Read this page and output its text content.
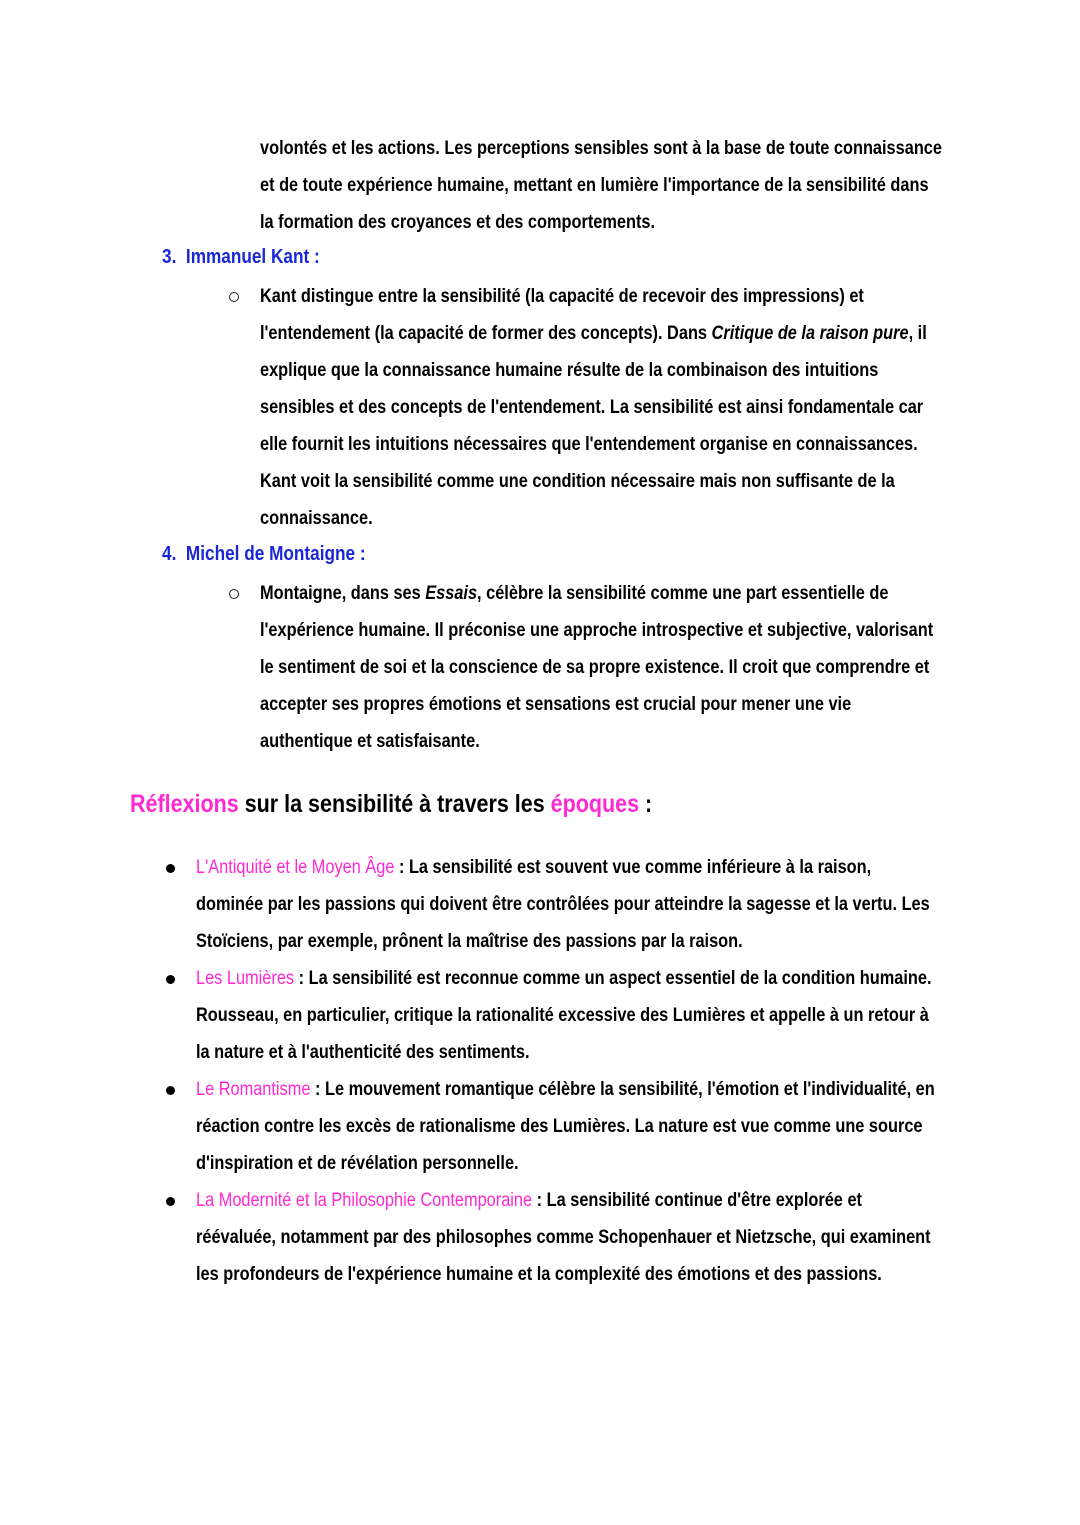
volontés et les actions. Les perceptions sensibles sont à la base de toute connaissance
et de toute expérience humaine, mettant en lumière l'importance de la sensibilité dans
la formation des croyances et des comportements.
3. Immanuel Kant :
Kant distingue entre la sensibilité (la capacité de recevoir des impressions) et
l'entendement (la capacité de former des concepts). Dans Critique de la raison pure, il
explique que la connaissance humaine résulte de la combinaison des intuitions
sensibles et des concepts de l'entendement. La sensibilité est ainsi fondamentale car
elle fournit les intuitions nécessaires que l'entendement organise en connaissances.
Kant voit la sensibilité comme une condition nécessaire mais non suffisante de la
connaissance.
4. Michel de Montaigne :
Montaigne, dans ses Essais, célèbre la sensibilité comme une part essentielle de
l'expérience humaine. Il préconise une approche introspective et subjective, valorisant
le sentiment de soi et la conscience de sa propre existence. Il croit que comprendre et
accepter ses propres émotions et sensations est crucial pour mener une vie
authentique et satisfaisante.
Réflexions sur la sensibilité à travers les époques :
L'Antiquité et le Moyen Âge : La sensibilité est souvent vue comme inférieure à la raison,
dominée par les passions qui doivent être contrôlées pour atteindre la sagesse et la vertu. Les
Stoïciens, par exemple, prônent la maîtrise des passions par la raison.
Les Lumières : La sensibilité est reconnue comme un aspect essentiel de la condition humaine.
Rousseau, en particulier, critique la rationalité excessive des Lumières et appelle à un retour à
la nature et à l'authenticité des sentiments.
Le Romantisme : Le mouvement romantique célèbre la sensibilité, l'émotion et l'individualité, en
réaction contre les excès de rationalisme des Lumières. La nature est vue comme une source
d'inspiration et de révélation personnelle.
La Modernité et la Philosophie Contemporaine : La sensibilité continue d'être explorée et
réévaluée, notamment par des philosophes comme Schopenhauer et Nietzsche, qui examinent
les profondeurs de l'expérience humaine et la complexité des émotions et des passions.
